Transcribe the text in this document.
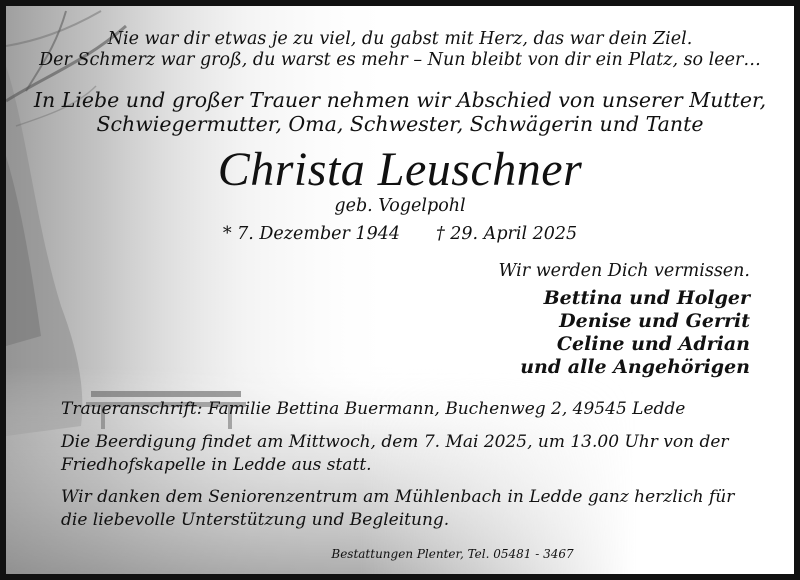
Nie war dir etwas je zu viel, du gabst mit Herz, das war dein Ziel.

Der Schmerz war groß, du warst es mehr – Nun bleibt von dir ein Platz, so leer…

In Liebe und großer Trauer nehmen wir Abschied von unserer Mutter,

Schwiegermutter, Oma, Schwester, Schwägerin und Tante

Christa Leuschner

geb. Vogelpohl

* 7. Dezember 1944 † 29. April 2025

Wir werden Dich vermissen.

Bettina und Holger

Denise und Gerrit

Celine und Adrian

und alle Angehörigen

Traueranschrift: Familie Bettina Buermann, Buchenweg 2, 49545 Ledde

Die Beerdigung findet am Mittwoch, dem 7. Mai 2025, um 13.00 Uhr von der

Friedhofskapelle in Ledde aus statt.

Wir danken dem Seniorenzentrum am Mühlenbach in Ledde ganz herzlich für

die liebevolle Unterstützung und Begleitung.

Bestattungen Plenter, Tel. 05481 - 3467
